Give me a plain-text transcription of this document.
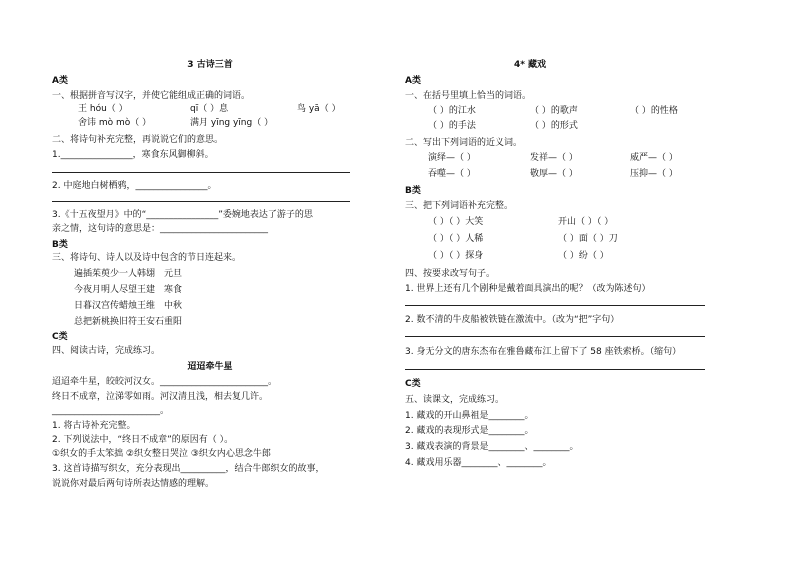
3 古诗三首
A类
一、根据拼音写汉字，并使它能组成正确的词语。
王 hóu（ ）	qī（ ）息	鸟 yā（ ）
舍讳 mò mò（ ）	满月 yīng yīng（ ）
二、将诗句补充完整，再说说它们的意思。
1.________________，寒食东风御柳斜。
2. 中庭地白树栖鸦，________________。
3.《十五夜望月》中的“________________”委婉地表达了游子的思
亲之情，这句诗的意思是：________________________
B类
三、将诗句、诗人以及诗中包含的节日连起来。
遍插茱萸少一人	韩翃	元旦
今夜月明人尽望	王建	寒食
日暮汉宫传蜡烛	王维	中秋
总把新桃换旧符	王安石	重阳
C类
四、阅读古诗，完成练习。
迢迢牵牛星
迢迢牵牛星，皎皎河汉女。________________________。
终日不成章，泣涕零如雨。河汉清且浅，相去复几许。
________________________。
1. 将古诗补充完整。
2. 下列说法中，“终日不成章”的原因有（ ）。
①织女的手太笨拙 ②织女整日哭泣 ③织女内心思念牛郎
3. 这首诗描写织女，充分表现出__________，结合牛郎织女的故事，
说说你对最后两句诗所表达情感的理解。
4* 藏戏
A类
一、在括号里填上恰当的词语。
（ ）的江水	（ ）的歌声	（ ）的性格
（ ）的手法	（ ）的形式
二、写出下列词语的近义词。
演绎—（ ）	发祥—（ ）	威严—（ ）
吞噬—（ ）	敬厚—（ ）	压抑—（ ）
B类
三、把下列词语补充完整。
（ ）（ ）大笑	开山（ ）（ ）
（ ）（ ）人稀	（ ）面（ ）刀
（ ）（ ）探身	（ ）纷（ ）
四、按要求改写句子。
1. 世界上还有几个剧种是戴着面具演出的呢？（改为陈述句）
2. 数不清的牛皮船被铁链在激流中。（改为“把”字句）
3. 身无分文的唐东杰布在雅鲁藏布江上留下了 58 座铁索桥。（缩句）
C类
五、读课文，完成练习。
1. 藏戏的开山鼻祖是________。
2. 藏戏的表现形式是________。
3. 藏戏表演的背景是________、________。
4. 藏戏用乐器________、________。
